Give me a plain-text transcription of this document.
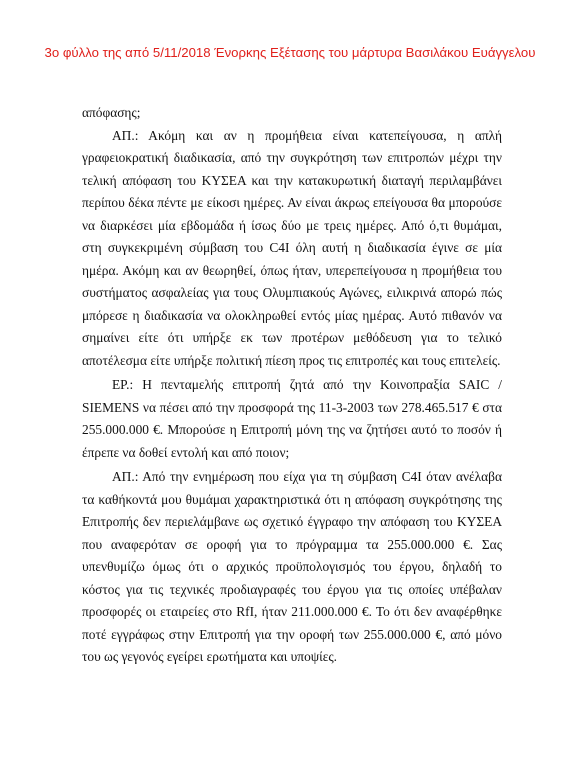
3ο φύλλο της από 5/11/2018 Ένορκης Εξέτασης του μάρτυρα Βασιλάκου Ευάγγελου

απόφασης;

ΑΠ.: Ακόμη και αν η προμήθεια είναι κατεπείγουσα, η απλή γραφειοκρατική διαδικασία, από την συγκρότηση των επιτροπών μέχρι την τελική απόφαση του ΚΥΣΕΑ και την κατακυρωτική διαταγή περιλαμβάνει περίπου δέκα πέντε με είκοσι ημέρες. Αν είναι άκρως επείγουσα θα μπορούσε να διαρκέσει μία εβδομάδα ή ίσως δύο με τρεις ημέρες. Από ό,τι θυμάμαι, στη συγκεκριμένη σύμβαση του C4I όλη αυτή η διαδικασία έγινε σε μία ημέρα. Ακόμη και αν θεωρηθεί, όπως ήταν, υπερεπείγουσα η προμήθεια του συστήματος ασφαλείας για τους Ολυμπιακούς Αγώνες, ειλικρινά απορώ πώς μπόρεσε η διαδικασία να ολοκληρωθεί εντός μίας ημέρας. Αυτό πιθανόν να σημαίνει είτε ότι υπήρξε εκ των προτέρων μεθόδευση για το τελικό αποτέλεσμα είτε υπήρξε πολιτική πίεση προς τις επιτροπές και τους επιτελείς.

ΕΡ.: Η πενταμελής επιτροπή ζητά από την Κοινοπραξία SAIC / SIEMENS να πέσει από την προσφορά της 11-3-2003 των 278.465.517 € στα 255.000.000 €. Μπορούσε η Επιτροπή μόνη της να ζητήσει αυτό το ποσόν ή έπρεπε να δοθεί εντολή και από ποιον;

ΑΠ.: Από την ενημέρωση που είχα για τη σύμβαση C4I όταν ανέλαβα τα καθήκοντά μου θυμάμαι χαρακτηριστικά ότι η απόφαση συγκρότησης της Επιτροπής δεν περιελάμβανε ως σχετικό έγγραφο την απόφαση του ΚΥΣΕΑ που αναφερόταν σε οροφή για το πρόγραμμα τα 255.000.000 €. Σας υπενθυμίζω όμως ότι ο αρχικός προϋπολογισμός του έργου, δηλαδή το κόστος για τις τεχνικές προδιαγραφές του έργου για τις οποίες υπέβαλαν προσφορές οι εταιρείες στο RfI, ήταν 211.000.000 €. Το ότι δεν αναφέρθηκε ποτέ εγγράφως στην Επιτροπή για την οροφή των 255.000.000 €, από μόνο του ως γεγονός εγείρει ερωτήματα και υποψίες.
